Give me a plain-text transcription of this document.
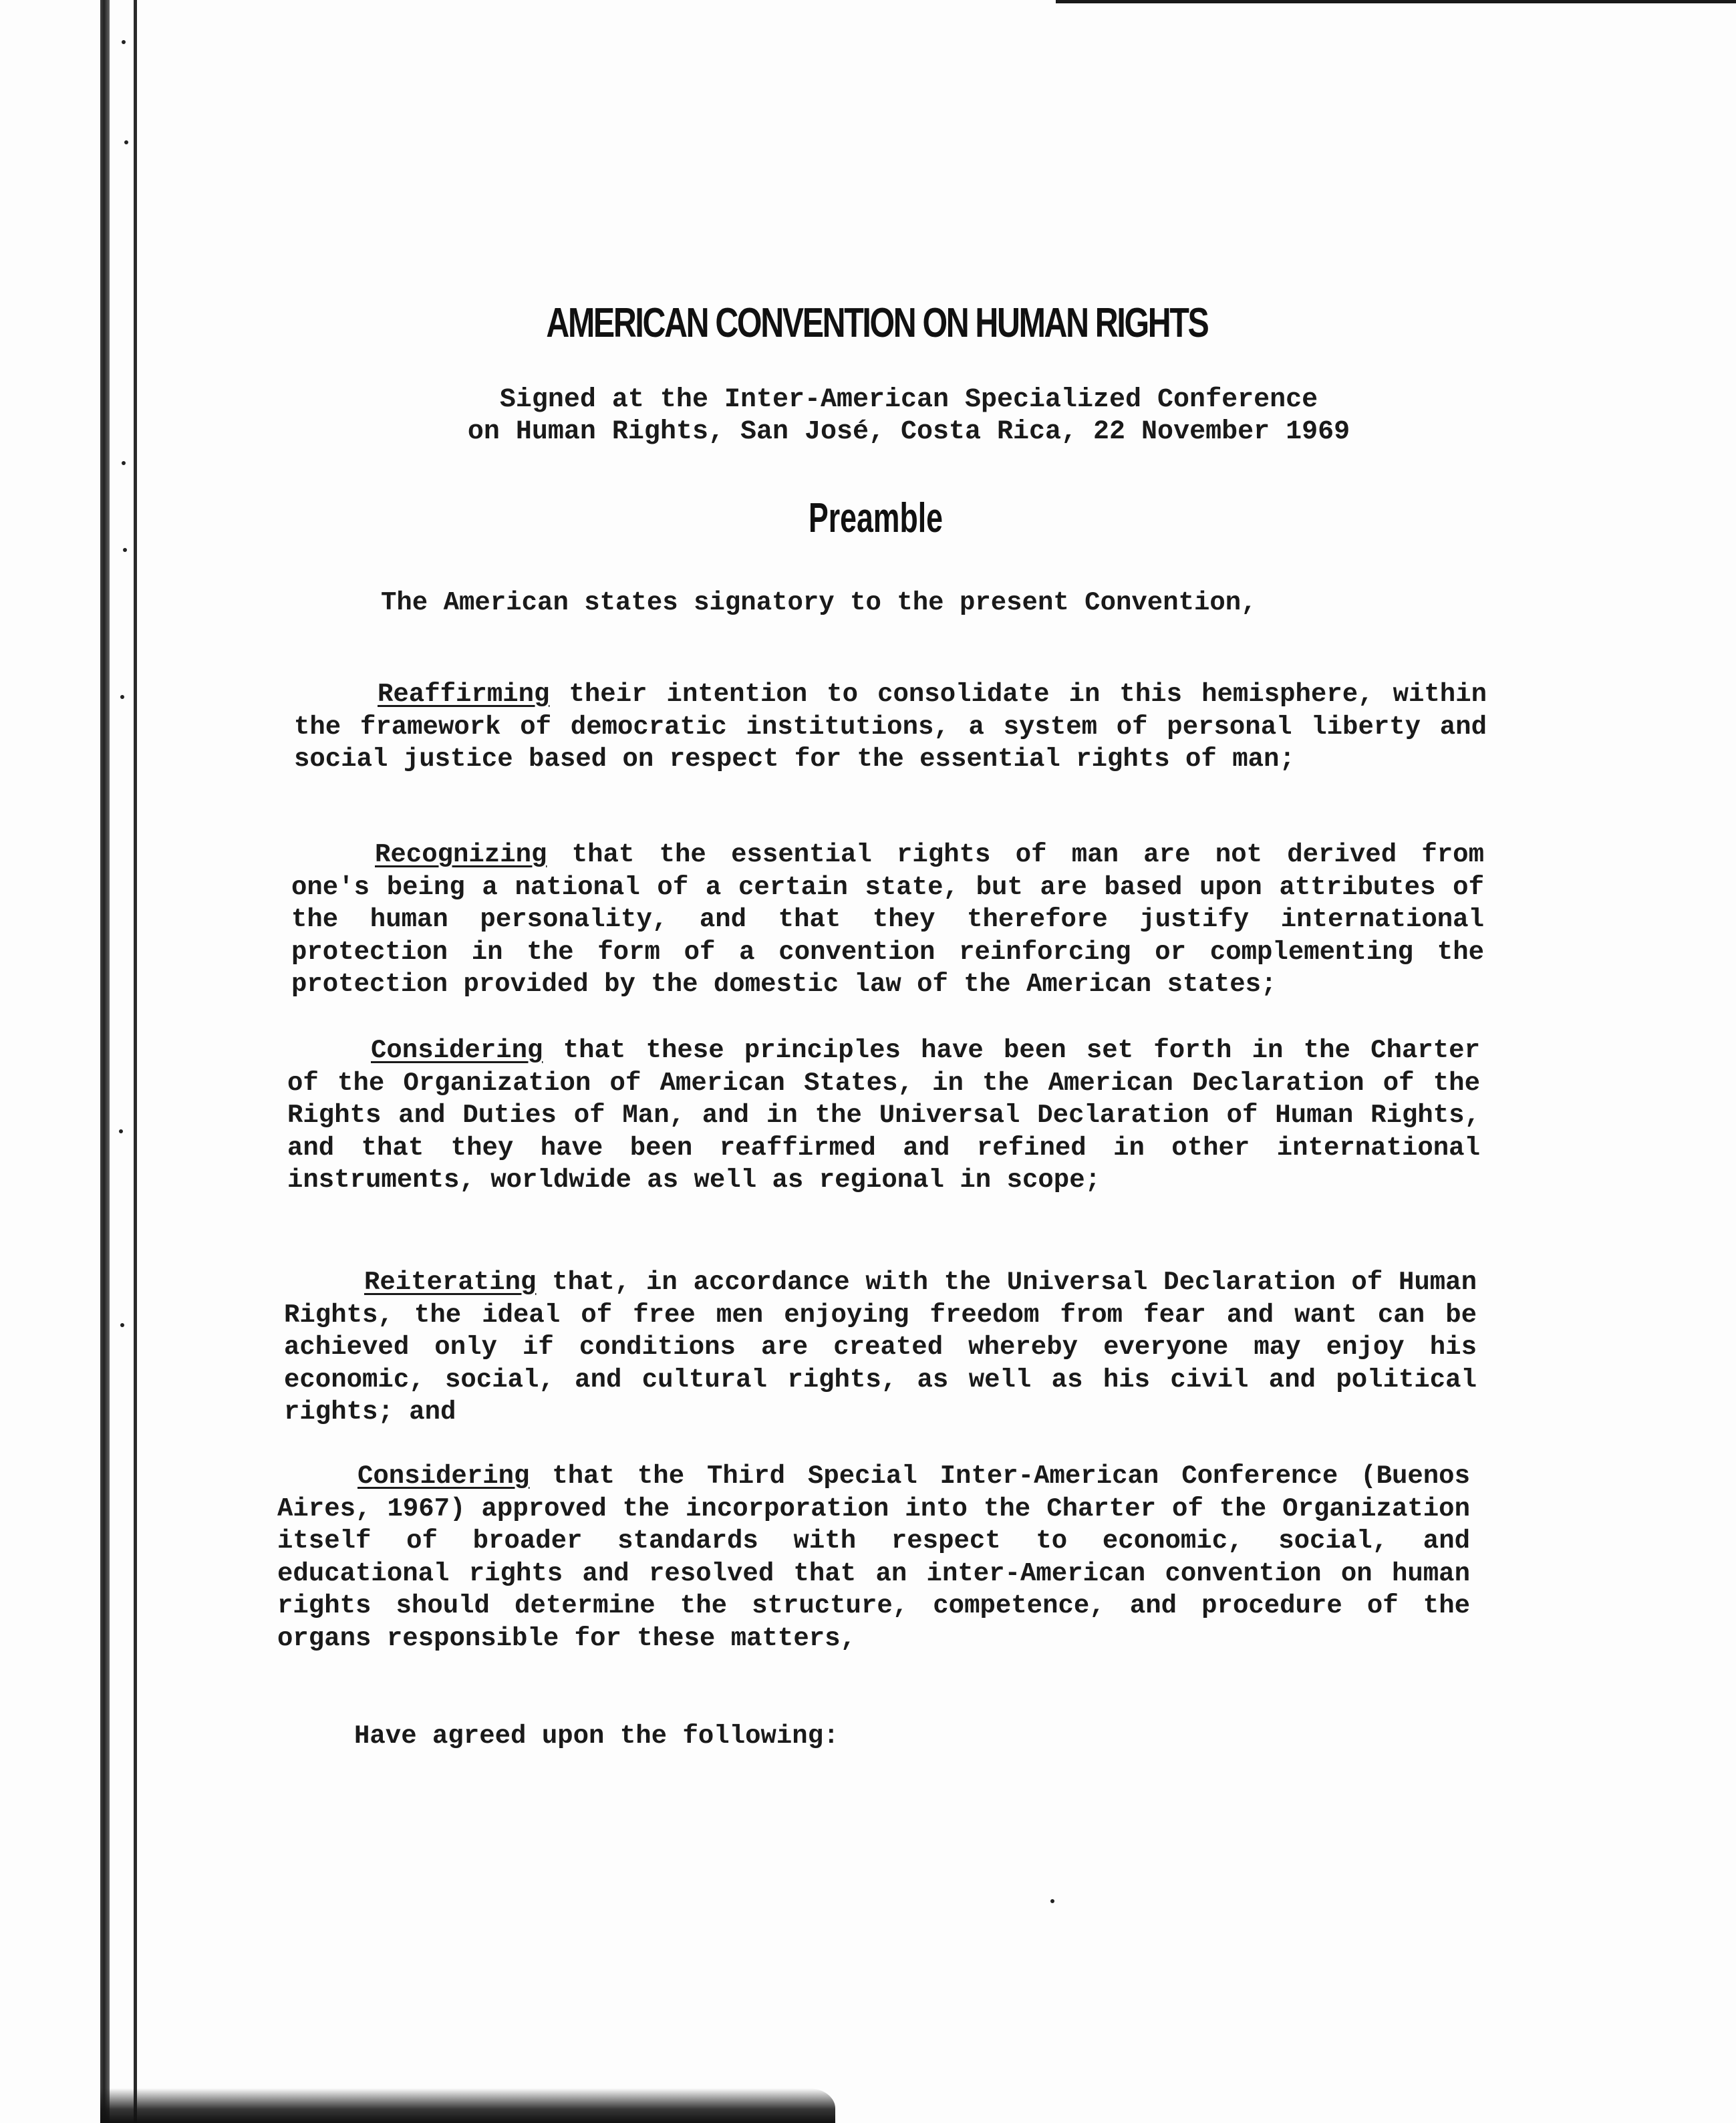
AMERICAN CONVENTION ON HUMAN RIGHTS
Signed at the Inter-American Specialized Conference
on Human Rights, San José, Costa Rica, 22 November 1969
Preamble
The American states signatory to the present Convention,
Reaffirming their intention to consolidate in this hemisphere, within the framework of democratic institutions, a system of personal liberty and social justice based on respect for the essential rights of man;
Recognizing that the essential rights of man are not derived from one's being a national of a certain state, but are based upon attributes of the human personality, and that they therefore justify international protection in the form of a convention reinforcing or complementing the protection provided by the domestic law of the American states;
Considering that these principles have been set forth in the Charter of the Organization of American States, in the American Declaration of the Rights and Duties of Man, and in the Universal Declaration of Human Rights, and that they have been reaffirmed and refined in other international instruments, worldwide as well as regional in scope;
Reiterating that, in accordance with the Universal Declaration of Human Rights, the ideal of free men enjoying freedom from fear and want can be achieved only if conditions are created whereby everyone may enjoy his economic, social, and cultural rights, as well as his civil and political rights; and
Considering that the Third Special Inter-American Conference (Buenos Aires, 1967) approved the incorporation into the Charter of the Organization itself of broader standards with respect to economic, social, and educational rights and resolved that an inter-American convention on human rights should determine the structure, competence, and procedure of the organs responsible for these matters,
Have agreed upon the following:
